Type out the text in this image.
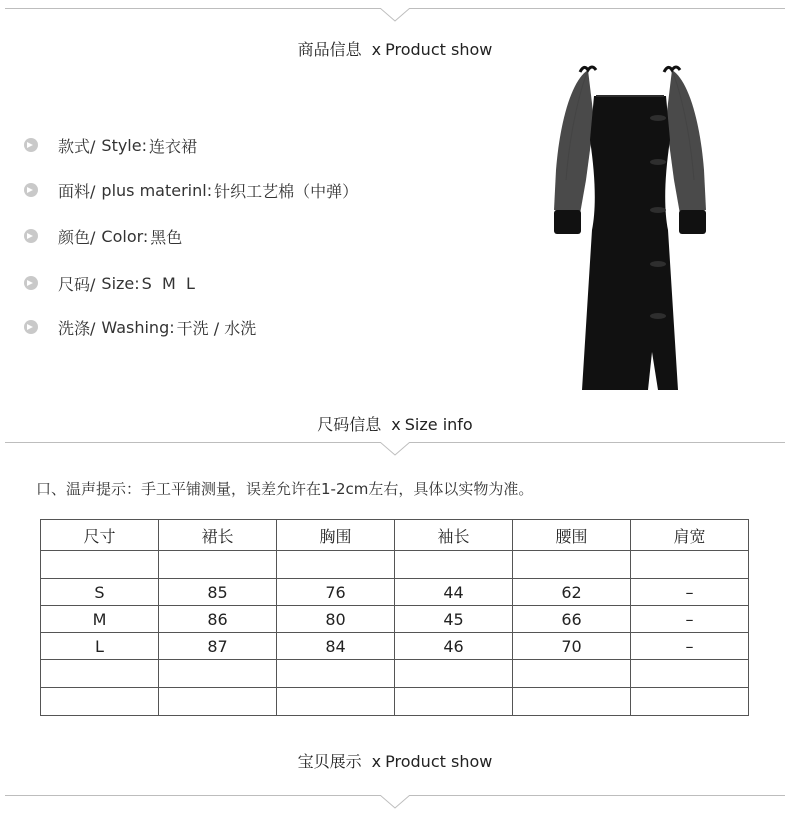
商品信息 x Product show
款式/ Style: 连衣裙
面料/ plus materinl: 针织工艺棉（中弹）
颜色/ Color: 黑色
尺码/ Size: S  M  L
洗涤/ Washing: 干洗 / 水洗
尺码信息 x Size info
口、温声提示：手工平铺测量，误差允许在1-2cm左右，具体以实物为准。
尺寸	裙长	胸围	袖长	腰围	肩宽

S	85	76	44	62	–
M	86	80	45	66	–
L	87	84	46	70	–

宝贝展示 x Product show
